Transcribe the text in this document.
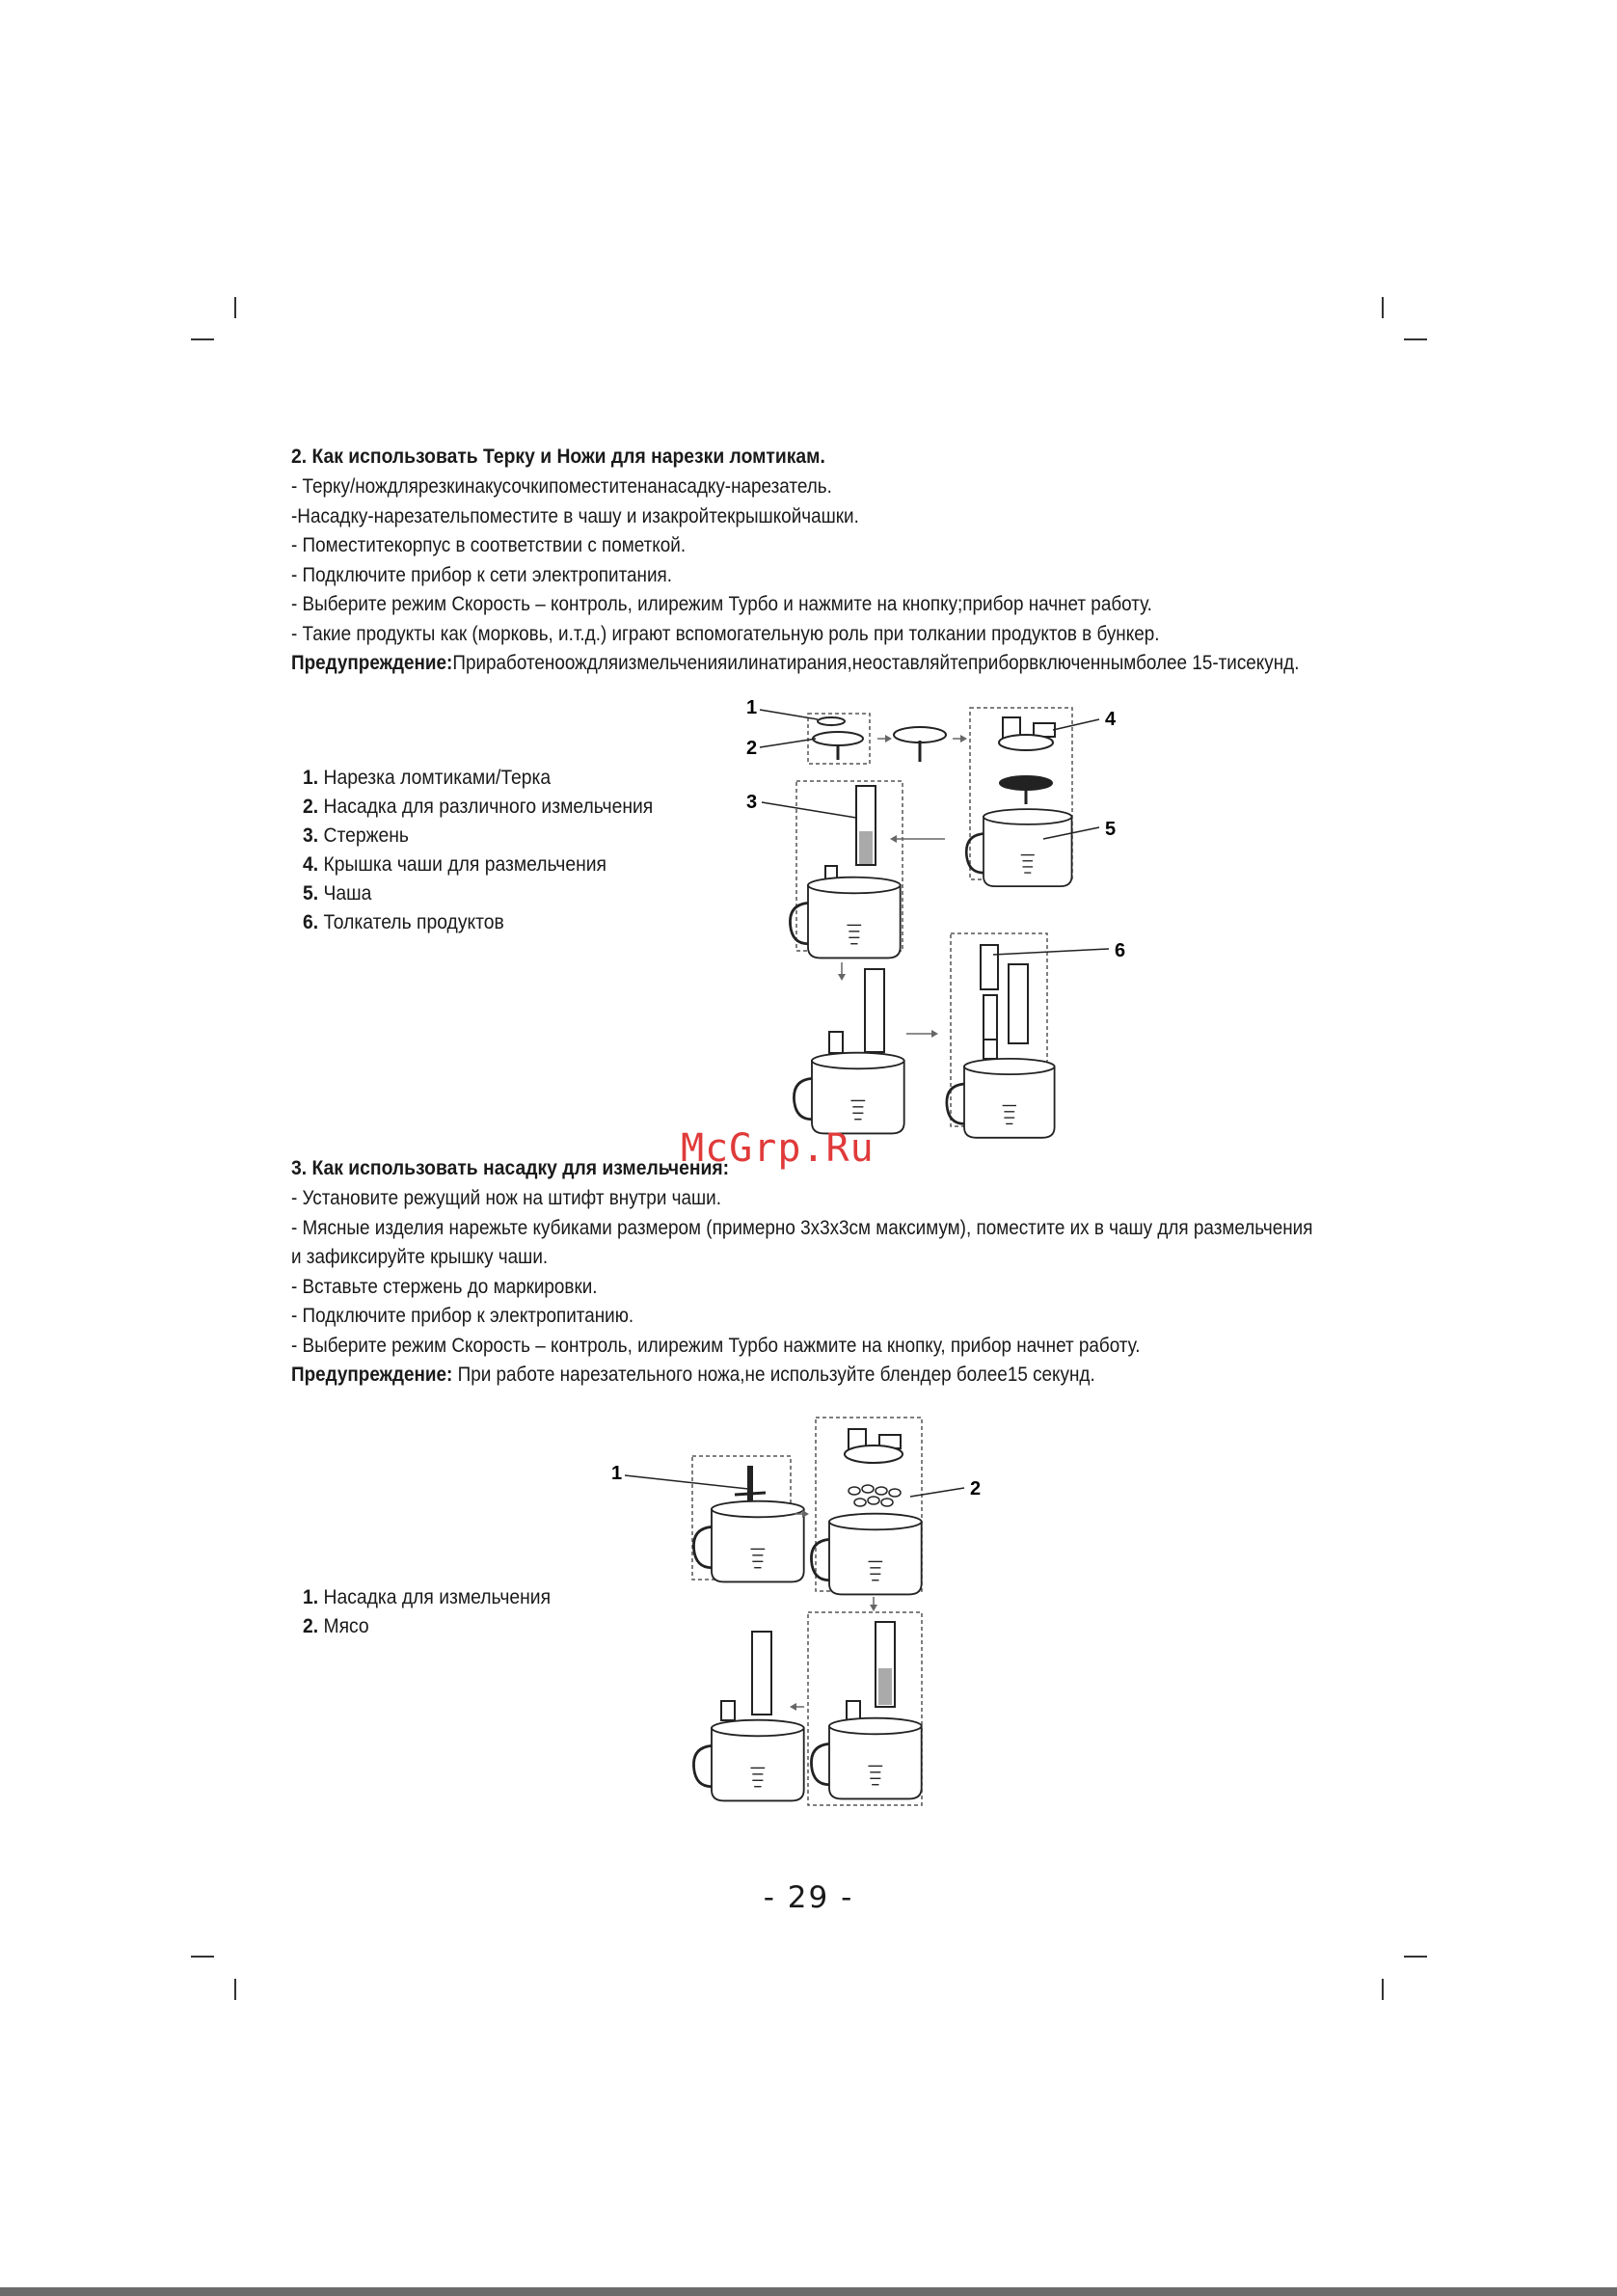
2. Как использовать Терку и Ножи для нарезки ломтикам.

- Терку/нождлярезкинакусочкипоместитенанасадку-нарезатель.

-Насадку-нарезательпоместите в чашу и изакройтекрышкойчашки.

- Поместитекорпус в соответствии с пометкой.

- Подключите прибор к сети электропитания.

- Выберите режим Скорость – контроль, илирежим Турбо и нажмите на кнопку;прибор начнет работу.

- Такие продукты как (морковь, и.т.д.) играют вспомогательную роль при толкании продуктов в бункер.

Предупреждение:Приработеноождляизмельченияилинатирания,неоставляйтеприборвключеннымболее 15-тисекунд.

1. Нарезка ломтиками/Терка
2. Насадка для различного измельчения
3. Стержень
4. Крышка чаши для размельчения
5. Чаша
6. Толкатель продуктов
1
2
3
4
5
6
McGrp.Ru
3. Как использовать насадку для измельчения:

- Установите режущий нож на штифт внутри чаши.

- Мясные изделия нарежьте кубиками размером (примерно 3х3х3см максимум), поместите их в чашу для размельчения

и зафиксируйте крышку чаши.

- Вставьте стержень до маркировки.

- Подключите прибор к электропитанию.

- Выберите режим Скорость – контроль, илирежим Турбо нажмите на кнопку, прибор начнет работу.

Предупреждение: При работе нарезательного ножа,не используйте блендер более15 секунд.

1. Насадка для измельчения
2. Мясо
1
2
- 29 -
